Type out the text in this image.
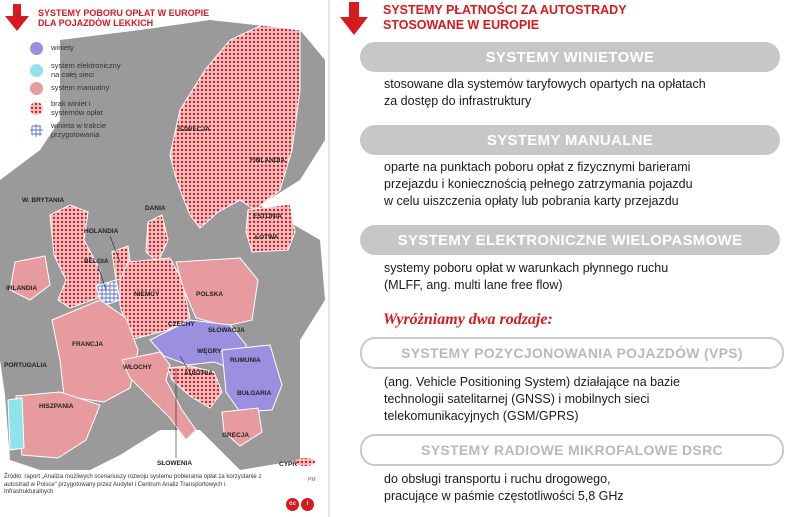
SYSTEMY POBORU OPŁAT W EUROPIE
DLA POJAZDÓW LEKKICH
winiety
system elektroniczny na całej sieci
system manualny
brak winiet i systemów opłat
winieta w trakcie przygotowania	SZWECJA
FINLANDIA
W. BRYTANIA
DANIA
ESTONIA
ŁOTWA
HOLANDIA
BELGIA
IRLANDIA
NIEMCY	POLSKA
CZECHY
SŁOWACJA
FRANCJA
WĘGRY
RUMUNIA
PORTUGALIA	WŁOCHY
AUSTRIA
BUŁGARIA
HISZPANIA
GRECJA
SŁOWENIA	CYPR
Źródło: raport „Analiza możliwych scenariuszy rozwoju systemu pobierania opłat za korzystanie z autostrad w Polsce” przygotowany przez Audytel i Centrum Analiz Transportowych i Infrastrukturalnych
PM
cc	i
SYSTEMY PŁATNOŚCI ZA AUTOSTRADY
STOSOWANE W EUROPIE
SYSTEMY WINIETOWE
stosowane dla systemów taryfowych opartych na opłatach
za dostęp do infrastruktury
SYSTEMY MANUALNE
oparte na punktach poboru opłat z fizycznymi barierami
przejazdu i koniecznością pełnego zatrzymania pojazdu
w celu uiszczenia opłaty lub pobrania karty przejazdu
SYSTEMY ELEKTRONICZNE WIELOPASMOWE
systemy poboru opłat w warunkach płynnego ruchu
(MLFF, ang. multi lane free flow)
Wyróżniamy dwa rodzaje:
SYSTEMY POZYCJONOWANIA POJAZDÓW (VPS)
(ang. Vehicle Positioning System) działające na bazie
technologii satelitarnej (GNSS) i mobilnych sieci
telekomunikacyjnych (GSM/GPRS)
SYSTEMY RADIOWE MIKROFALOWE DSRC
do obsługi transportu i ruchu drogowego,
pracujące w paśmie częstotliwości 5,8 GHz
